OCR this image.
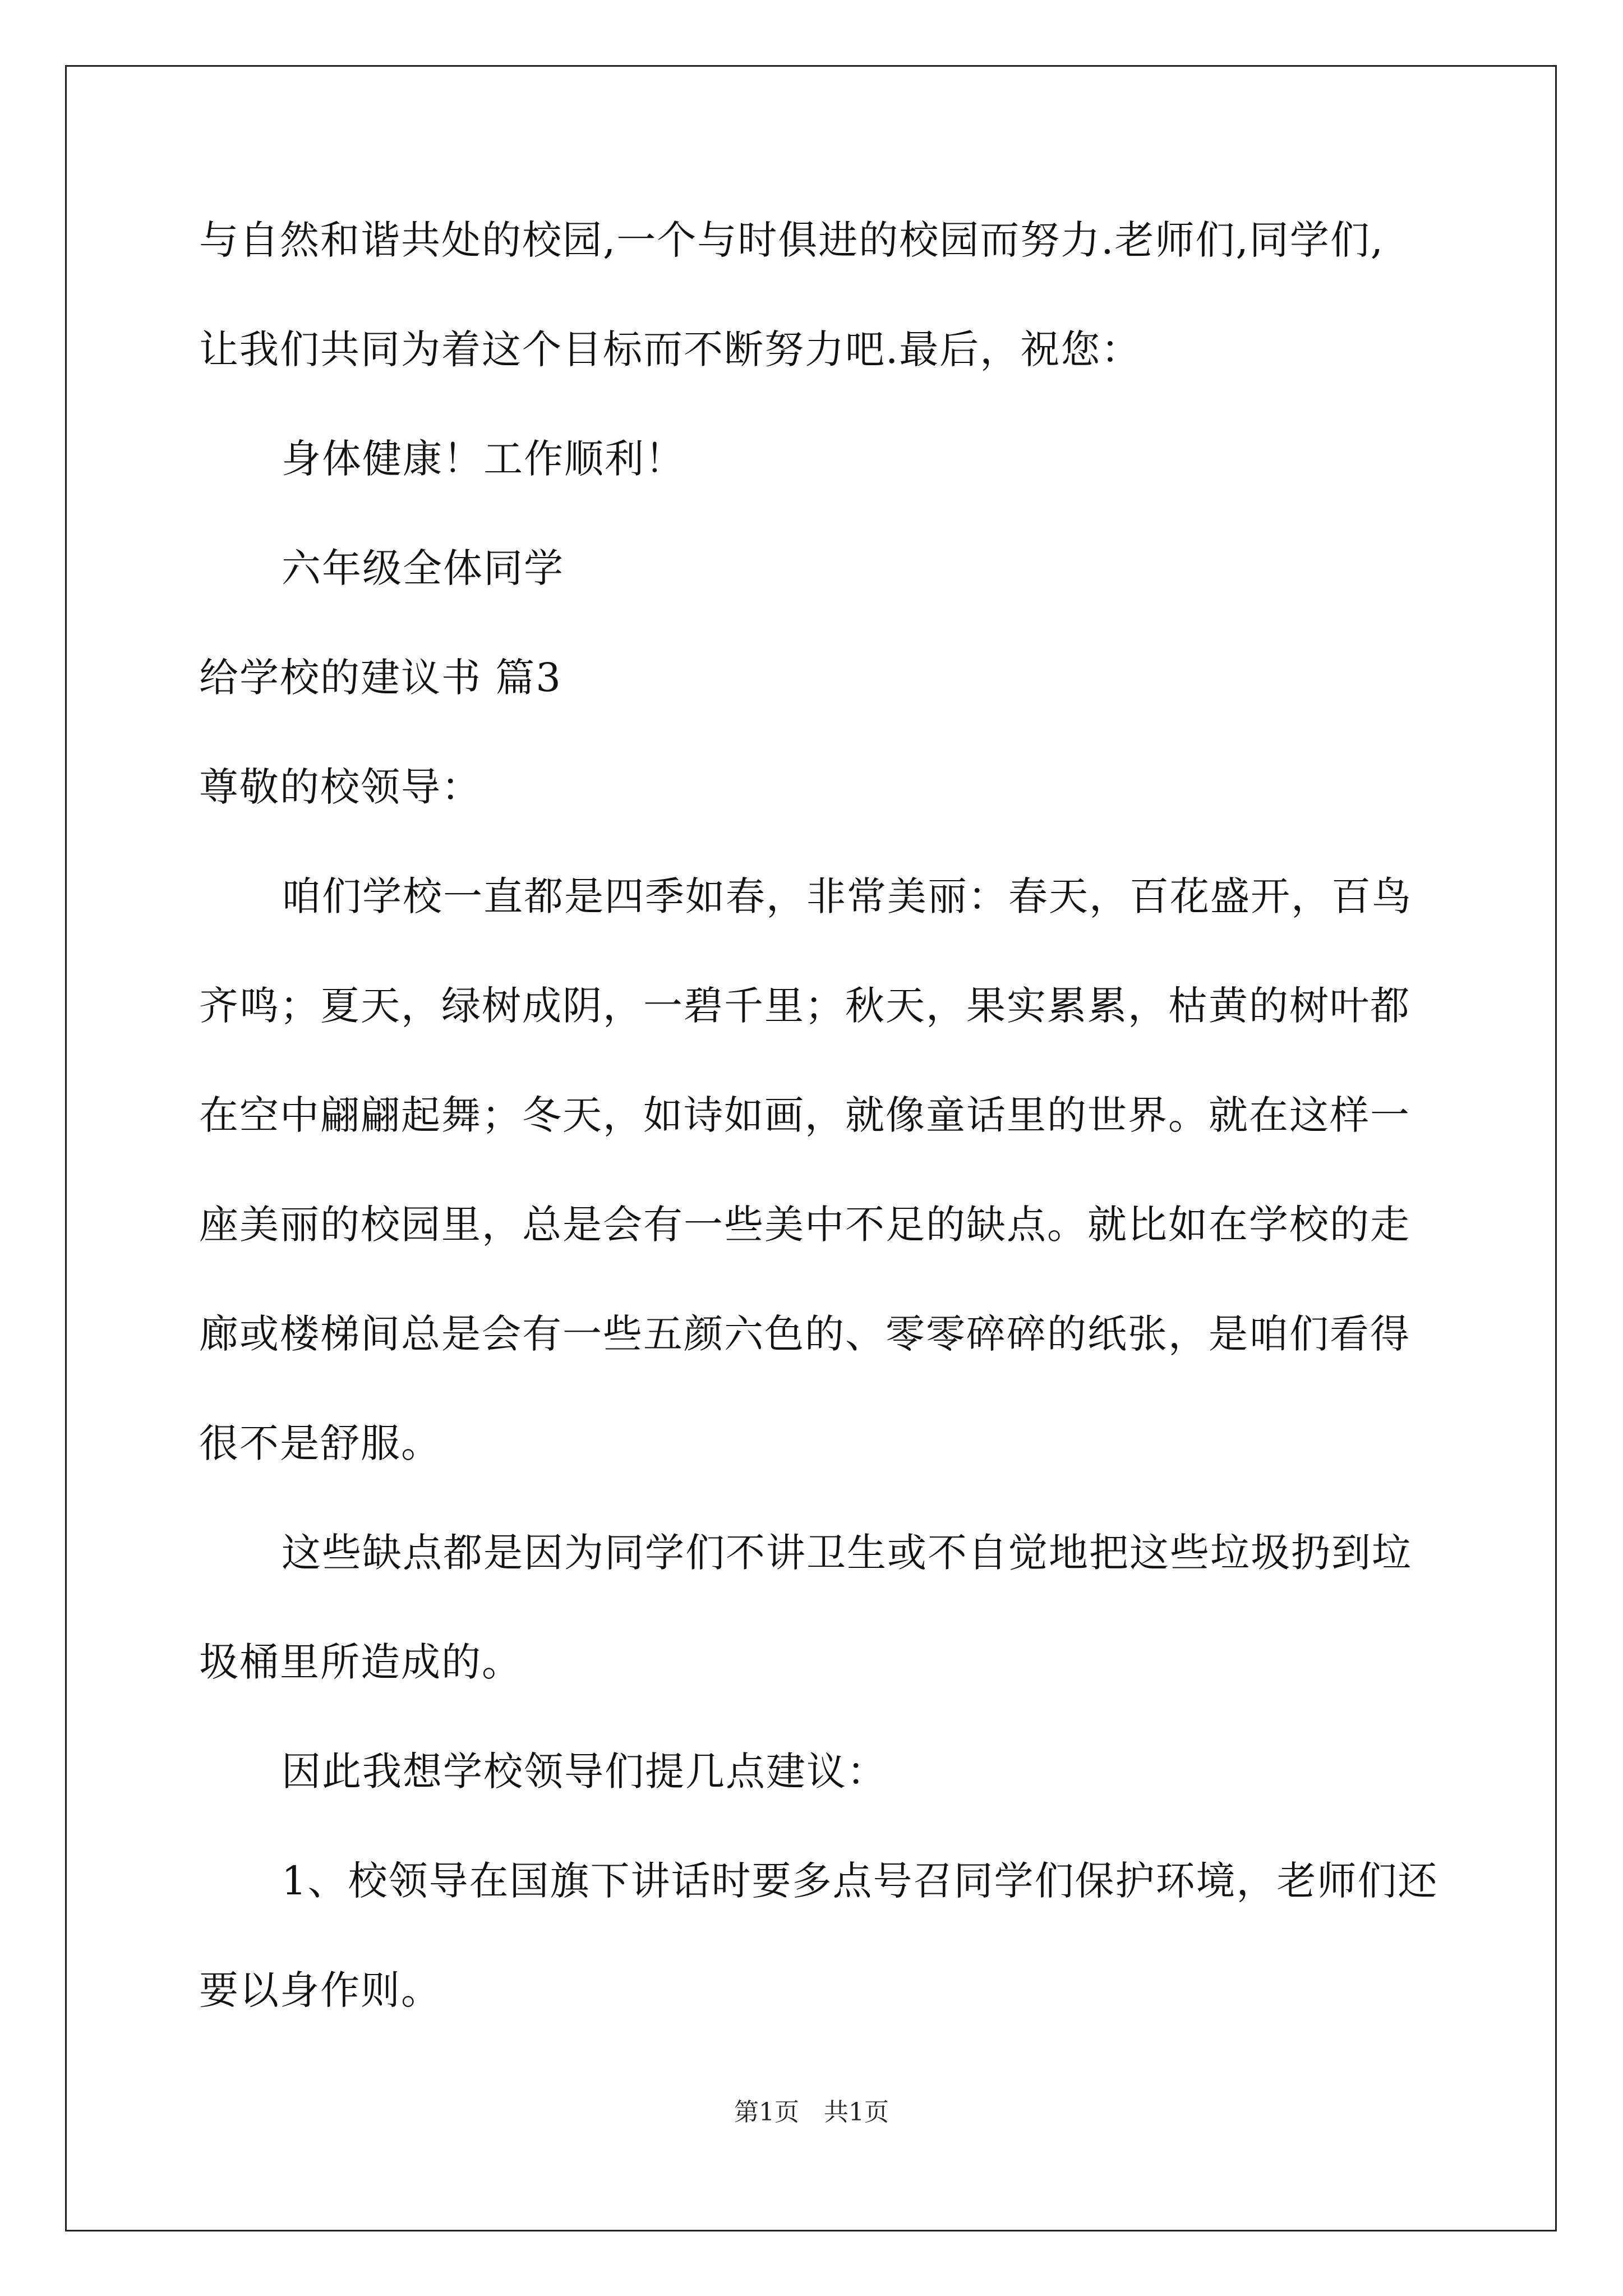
与自然和谐共处的校园,一个与时俱进的校园而努力.老师们,同学们,
让我们共同为着这个目标而不断努力吧.最后，祝您：
身体健康！工作顺利！
六年级全体同学
给学校的建议书 篇3
尊敬的校领导：
咱们学校一直都是四季如春，非常美丽：春天，百花盛开，百鸟
齐鸣；夏天，绿树成阴，一碧千里；秋天，果实累累，枯黄的树叶都
在空中翩翩起舞；冬天，如诗如画，就像童话里的世界。就在这样一
座美丽的校园里，总是会有一些美中不足的缺点。就比如在学校的走
廊或楼梯间总是会有一些五颜六色的、零零碎碎的纸张，是咱们看得
很不是舒服。
这些缺点都是因为同学们不讲卫生或不自觉地把这些垃圾扔到垃
圾桶里所造成的。
因此我想学校领导们提几点建议：
1、校领导在国旗下讲话时要多点号召同学们保护环境，老师们还
要以身作则。
第1页　共1页
